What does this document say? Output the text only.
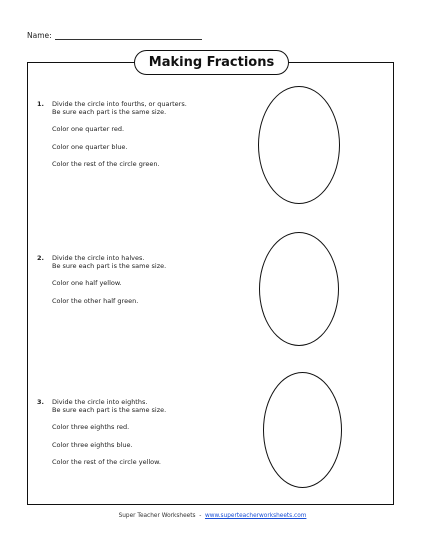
Name:
Making Fractions
1. Divide the circle into fourths, or quarters.

Be sure each part is the same size.

Color one quarter red.

Color one quarter blue.

Color the rest of the circle green.

2. Divide the circle into halves.

Be sure each part is the same size.

Color one half yellow.

Color the other half green.

3. Divide the circle into eighths.

Be sure each part is the same size.

Color three eighths red.

Color three eighths blue.

Color the rest of the circle yellow.

Super Teacher Worksheets - www.superteacherworksheets.com
